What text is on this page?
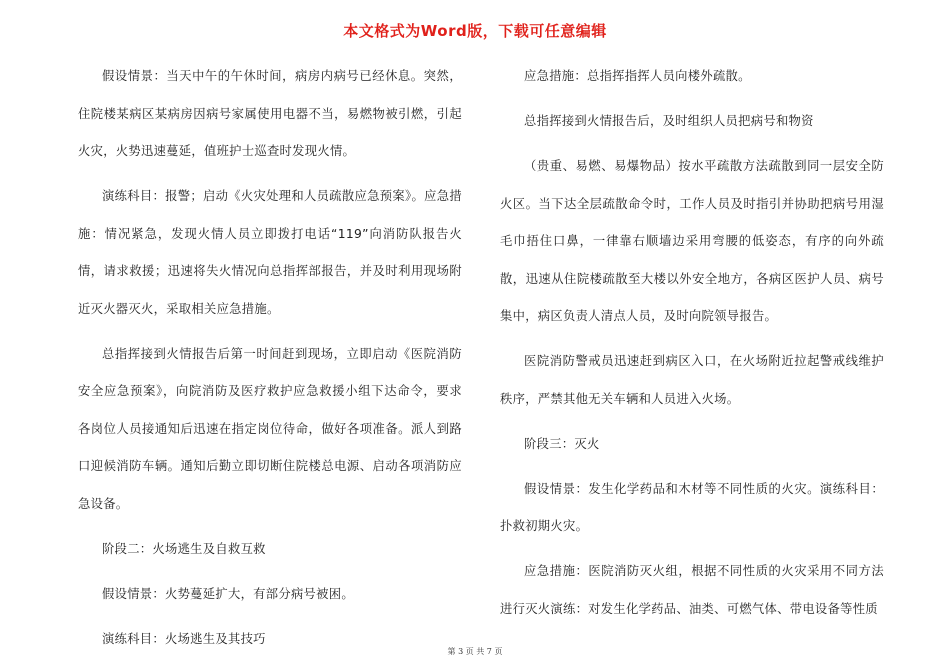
本文格式为Word版，下载可任意编辑

假设情景：当天中午的午休时间，病房内病号已经休息。突然，住院楼某病区某病房因病号家属使用电器不当，易燃物被引燃，引起火灾，火势迅速蔓延，值班护士巡查时发现火情。

演练科目：报警；启动《火灾处理和人员疏散应急预案》。应急措施：情况紧急，发现火情人员立即拨打电话“119”向消防队报告火情，请求救援；迅速将失火情况向总指挥部报告，并及时利用现场附近灭火器灭火，采取相关应急措施。

总指挥接到火情报告后第一时间赶到现场，立即启动《医院消防安全应急预案》，向院消防及医疗救护应急救援小组下达命令，要求各岗位人员接通知后迅速在指定岗位待命，做好各项准备。派人到路口迎候消防车辆。通知后勤立即切断住院楼总电源、启动各项消防应急设备。

阶段二：火场逃生及自救互救

假设情景：火势蔓延扩大，有部分病号被困。

演练科目：火场逃生及其技巧

应急措施：总指挥指挥人员向楼外疏散。

总指挥接到火情报告后，及时组织人员把病号和物资

（贵重、易燃、易爆物品）按水平疏散方法疏散到同一层安全防火区。当下达全层疏散命令时，工作人员及时指引并协助把病号用湿毛巾捂住口鼻，一律靠右顺墙边采用弯腰的低姿态，有序的向外疏散，迅速从住院楼疏散至大楼以外安全地方，各病区医护人员、病号集中，病区负责人清点人员，及时向院领导报告。

医院消防警戒员迅速赶到病区入口，在火场附近拉起警戒线维护秩序，严禁其他无关车辆和人员进入火场。

阶段三：灭火

假设情景：发生化学药品和木材等不同性质的火灾。演练科目：扑救初期火灾。

应急措施：医院消防灭火组，根据不同性质的火灾采用不同方法进行灭火演练：对发生化学药品、油类、可燃气体、带电设备等性质

第 3 页 共 7 页
